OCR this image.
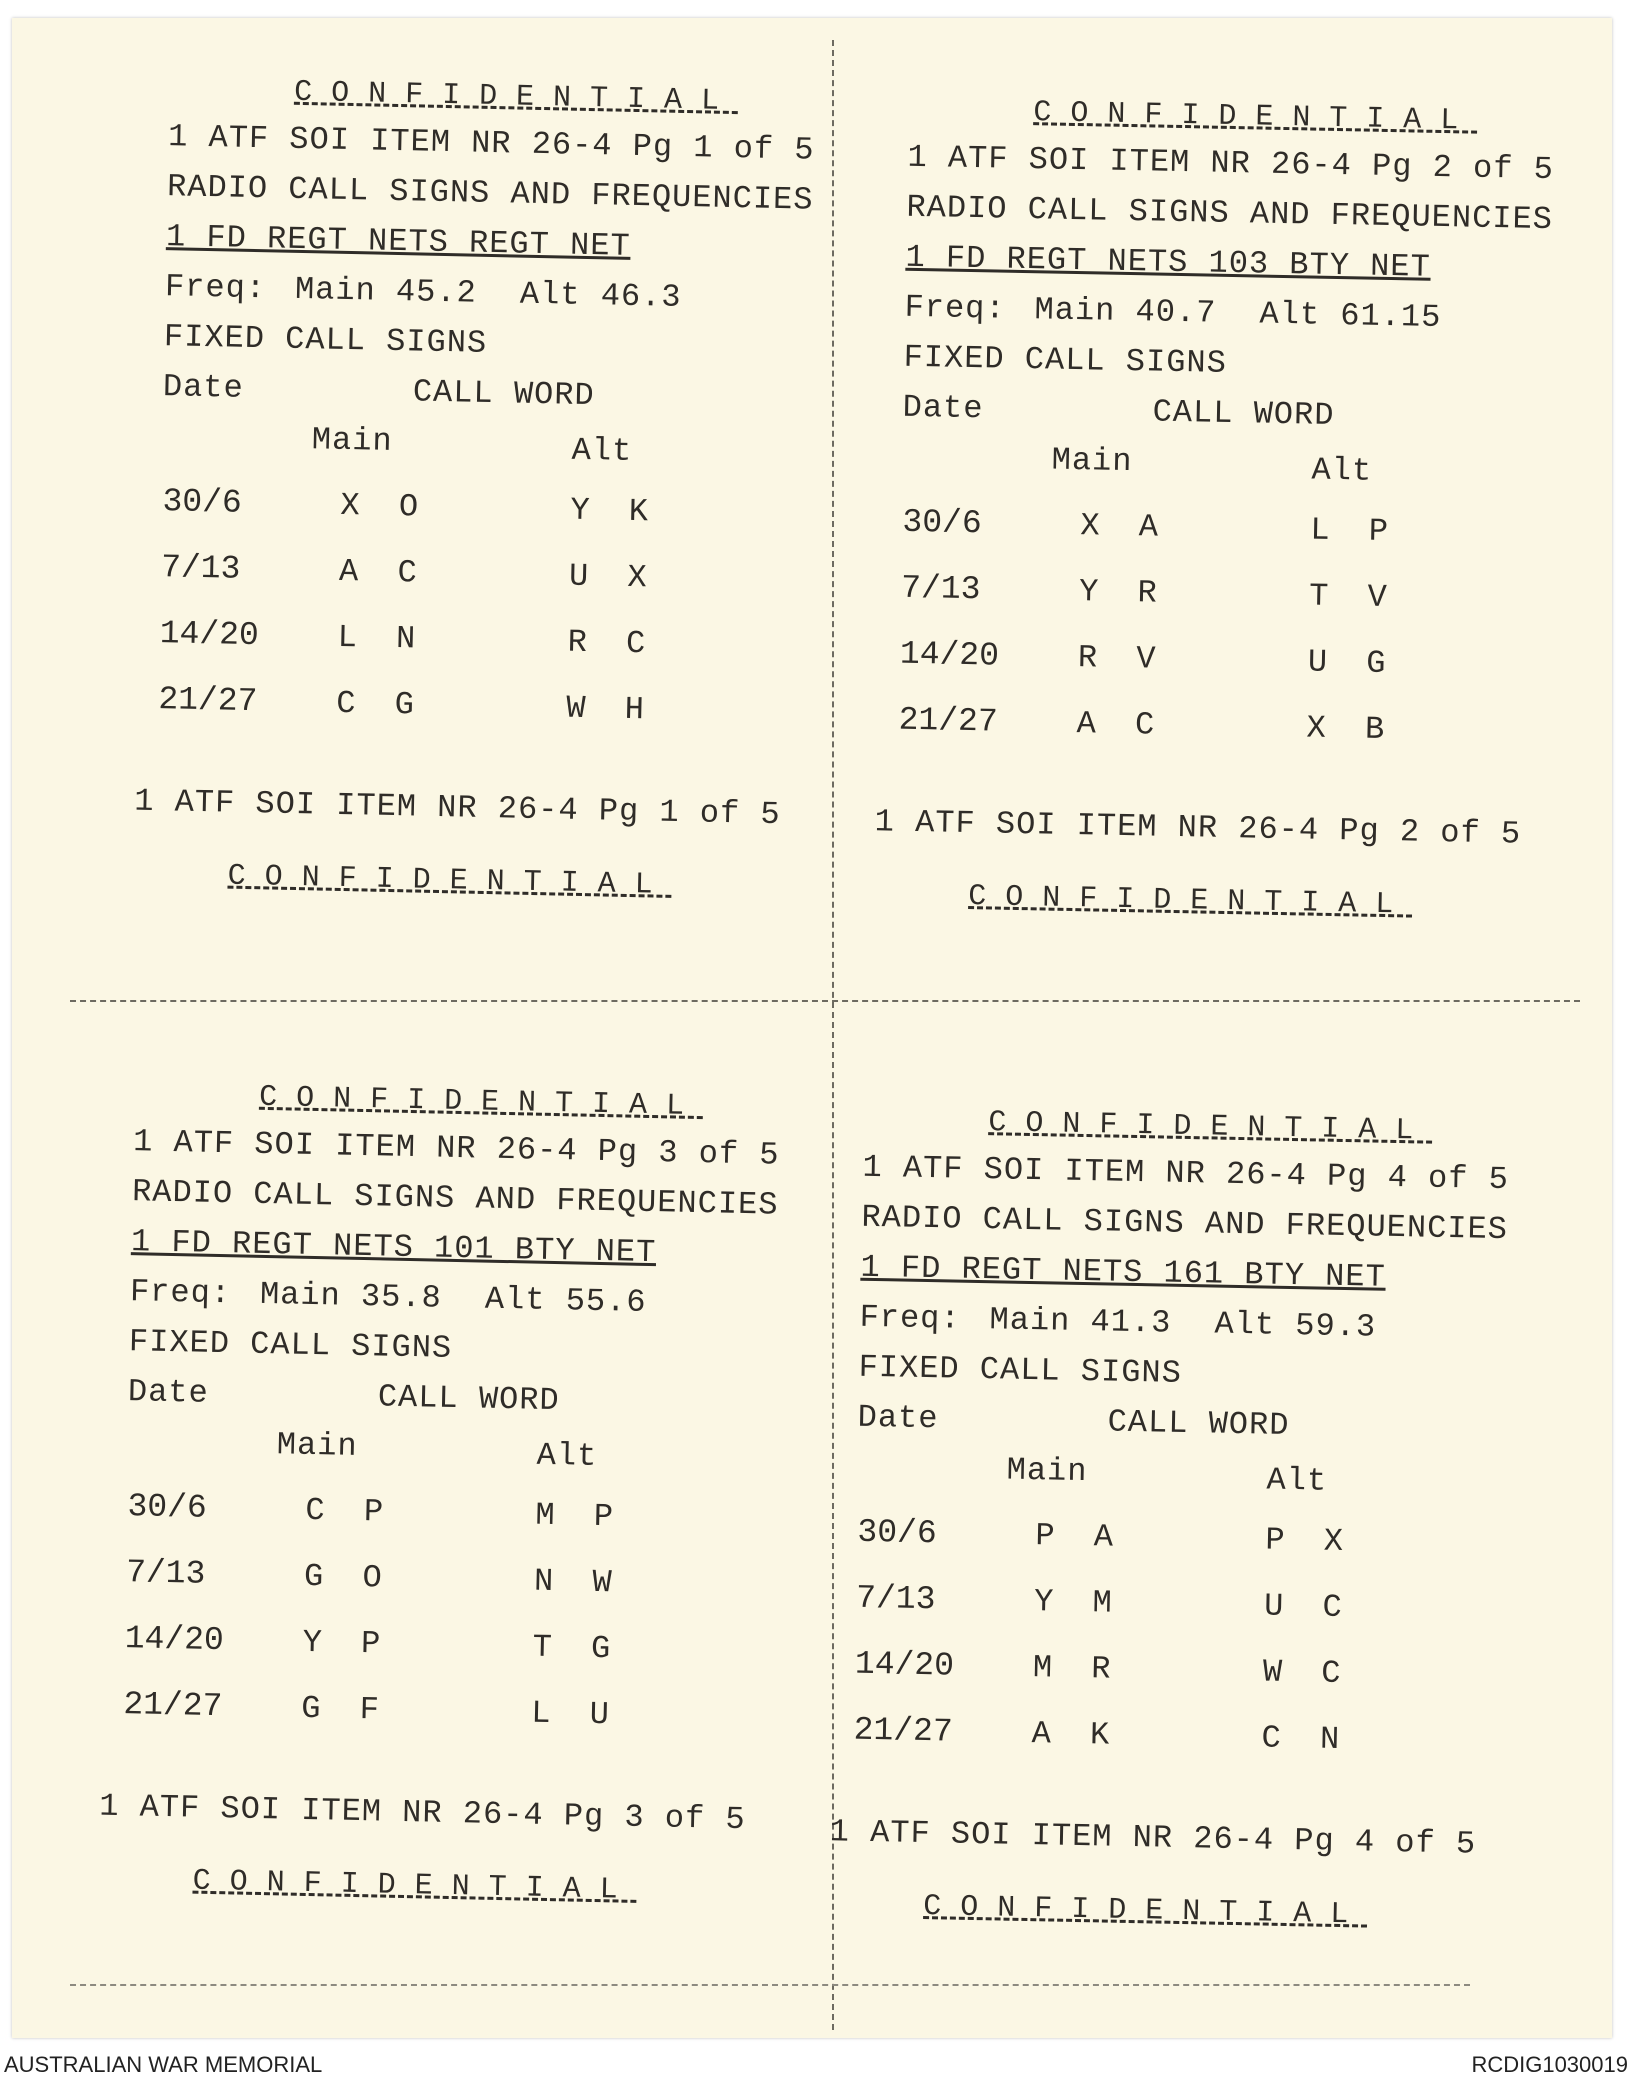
CONFIDENTIAL
1 ATF SOI ITEM NR 26-4 Pg 1 of 5
RADIO CALL SIGNS AND FREQUENCIES
1 FD REGT NETS REGT NET
Freq: Main 45.2 Alt 46.3
FIXED CALL SIGNS
Date	CALL WORD
Main	Alt
30/6	X O	Y K
7/13	A C	U X
14/20 L N	R C
21/27 C G	W H
1 ATF SOI ITEM NR 26-4 Pg 1 of 5
CONFIDENTIAL
CONFIDENTIAL
1 ATF SOI ITEM NR 26-4 Pg 2 of 5
RADIO CALL SIGNS AND FREQUENCIES
1 FD REGT NETS 103 BTY NET
Freq: Main 40.7 Alt 61.15
FIXED CALL SIGNS
Date	CALL WORD
Main	Alt
30/6	X A	L P
7/13	Y R	T V
14/20 R V	U G
21/27 A C	X B
1 ATF SOI ITEM NR 26-4 Pg 2 of 5
CONFIDENTIAL
CONFIDENTIAL
1 ATF SOI ITEM NR 26-4 Pg 3 of 5
RADIO CALL SIGNS AND FREQUENCIES
1 FD REGT NETS 101 BTY NET
Freq: Main 35.8 Alt 55.6
FIXED CALL SIGNS
Date	CALL WORD
Main	Alt
30/6	C P	M P
7/13	G O	N W
14/20 Y P	T G
21/27 G F	L U
1 ATF SOI ITEM NR 26-4 Pg 3 of 5
CONFIDENTIAL
CONFIDENTIAL
1 ATF SOI ITEM NR 26-4 Pg 4 of 5
RADIO CALL SIGNS AND FREQUENCIES
1 FD REGT NETS 161 BTY NET
Freq: Main 41.3 Alt 59.3
FIXED CALL SIGNS
Date	CALL WORD
Main	Alt
30/6	P A	P X
7/13	Y M	U C
14/20 M R	W C
21/27 A K	C N
1 ATF SOI ITEM NR 26-4 Pg 4 of 5
CONFIDENTIAL
AUSTRALIAN WAR MEMORIAL	RCDIG1030019
